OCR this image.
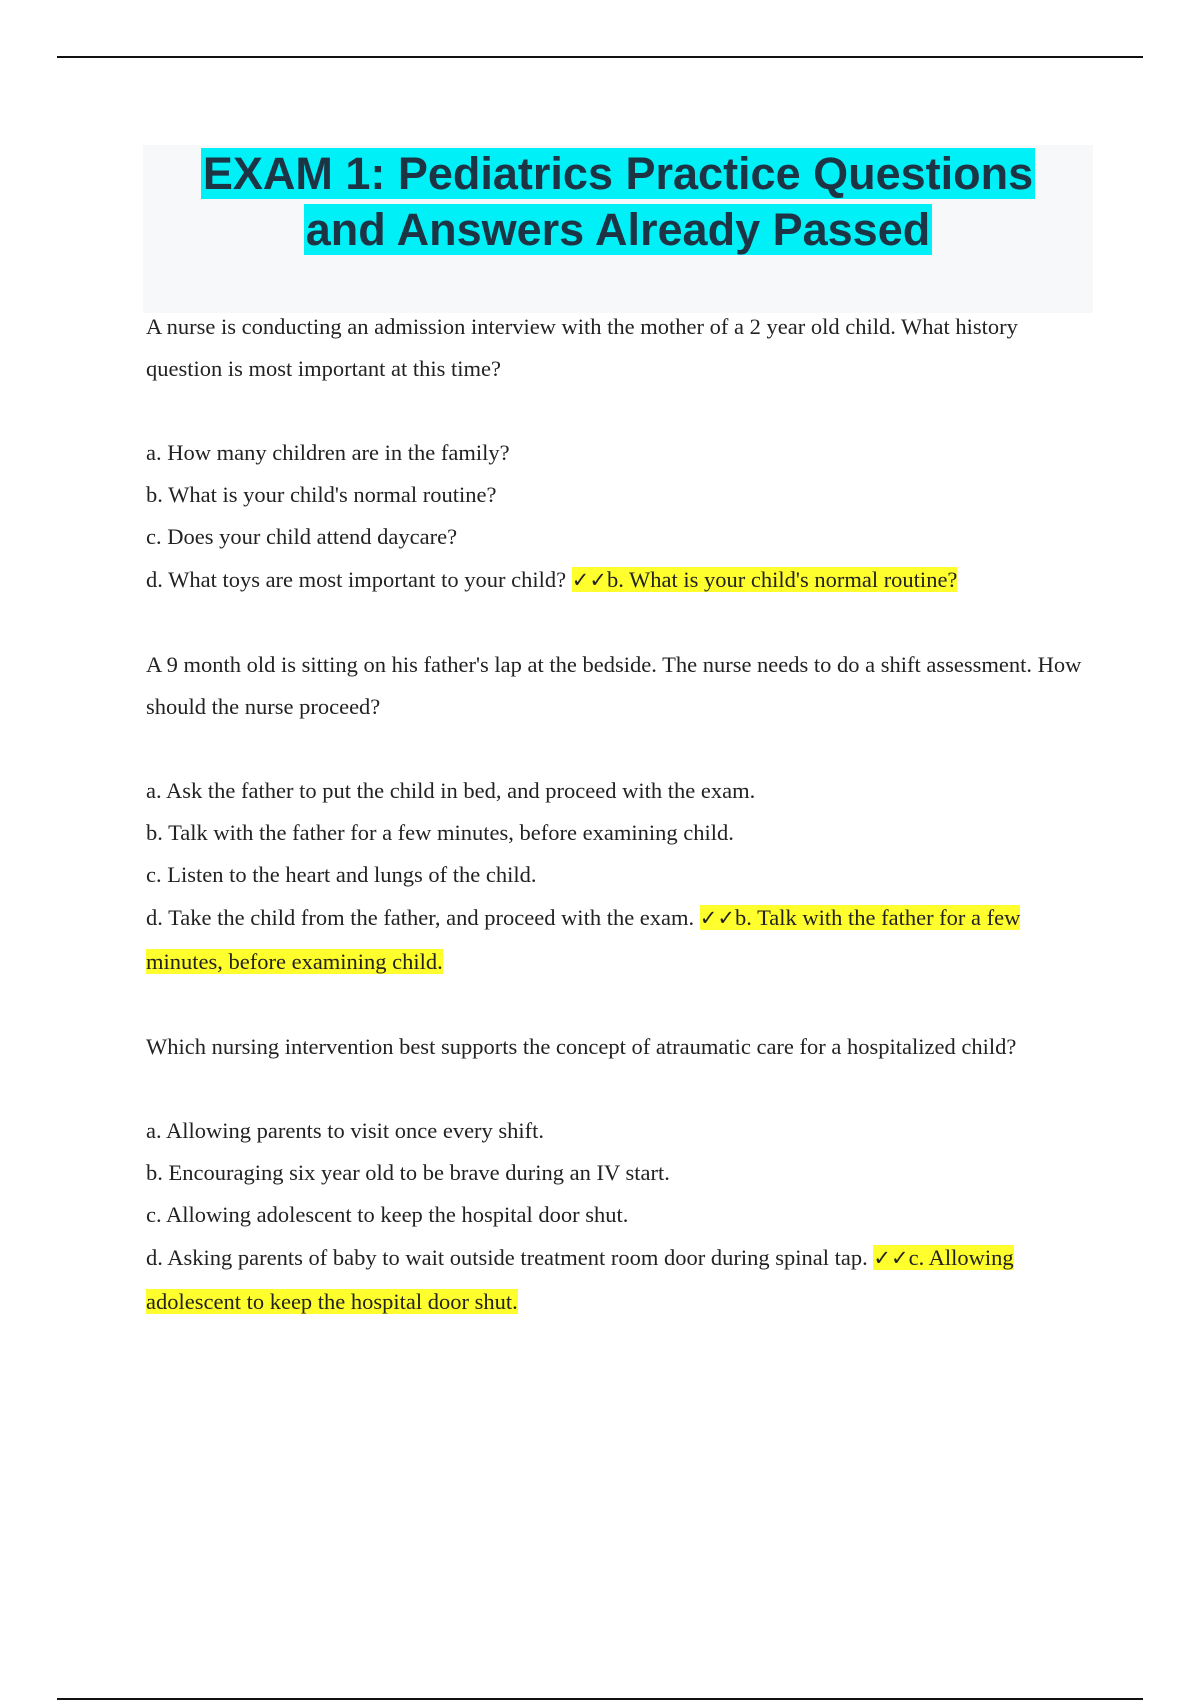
EXAM 1: Pediatrics Practice Questions
and Answers Already Passed

A nurse is conducting an admission interview with the mother of a 2 year old child. What history question is most important at this time?

a. How many children are in the family?

b. What is your child's normal routine?

c. Does your child attend daycare?

d. What toys are most important to your child? ✓✓b. What is your child's normal routine?

A 9 month old is sitting on his father's lap at the bedside. The nurse needs to do a shift assessment. How should the nurse proceed?

a. Ask the father to put the child in bed, and proceed with the exam.

b. Talk with the father for a few minutes, before examining child.

c. Listen to the heart and lungs of the child.

d. Take the child from the father, and proceed with the exam. ✓✓b. Talk with the father for a few minutes, before examining child.

Which nursing intervention best supports the concept of atraumatic care for a hospitalized child?

a. Allowing parents to visit once every shift.

b. Encouraging six year old to be brave during an IV start.

c. Allowing adolescent to keep the hospital door shut.

d. Asking parents of baby to wait outside treatment room door during spinal tap. ✓✓c. Allowing adolescent to keep the hospital door shut.
